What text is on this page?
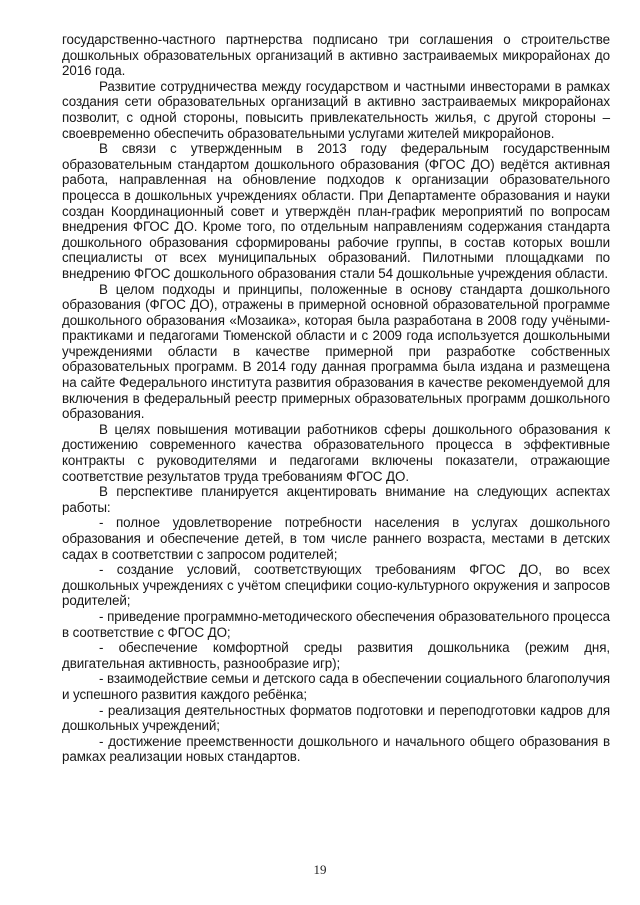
государственно-частного партнерства подписано три соглашения о строительстве дошкольных образовательных организаций в активно застраиваемых микрорайонах до 2016 года.

Развитие сотрудничества между государством и частными инвесторами в рамках создания сети образовательных организаций в активно застраиваемых микрорайонах позволит, с одной стороны, повысить привлекательность жилья, с другой стороны – своевременно обеспечить образовательными услугами жителей микрорайонов.

В связи с утвержденным в 2013 году федеральным государственным образовательным стандартом дошкольного образования (ФГОС ДО) ведётся активная работа, направленная на обновление подходов к организации образовательного процесса в дошкольных учреждениях области. При Департаменте образования и науки создан Координационный совет и утверждён план-график мероприятий по вопросам внедрения ФГОС ДО. Кроме того, по отдельным направлениям содержания стандарта дошкольного образования сформированы рабочие группы, в состав которых вошли специалисты от всех муниципальных образований. Пилотными площадками по внедрению ФГОС дошкольного образования стали 54 дошкольные учреждения области.

В целом подходы и принципы, положенные в основу стандарта дошкольного образования (ФГОС ДО), отражены в примерной основной образовательной программе дошкольного образования «Мозаика», которая была разработана в 2008 году учёными-практиками и педагогами Тюменской области и с 2009 года используется дошкольными учреждениями области в качестве примерной при разработке собственных образовательных программ. В 2014 году данная программа была издана и размещена на сайте Федерального института развития образования в качестве рекомендуемой для включения в федеральный реестр примерных образовательных программ дошкольного образования.

В целях повышения мотивации работников сферы дошкольного образования к достижению современного качества образовательного процесса в эффективные контракты с руководителями и педагогами включены показатели, отражающие соответствие результатов труда требованиям ФГОС ДО.

В перспективе планируется акцентировать внимание на следующих аспектах работы:

- полное удовлетворение потребности населения в услугах дошкольного образования и обеспечение детей, в том числе раннего возраста, местами в детских садах в соответствии с запросом родителей;

- создание условий, соответствующих требованиям ФГОС ДО, во всех дошкольных учреждениях с учётом специфики социо-культурного окружения и запросов родителей;

- приведение программно-методического обеспечения образовательного процесса в соответствие с ФГОС ДО;

- обеспечение комфортной среды развития дошкольника (режим дня, двигательная активность, разнообразие игр);

- взаимодействие семьи и детского сада в обеспечении социального благополучия и успешного развития каждого ребёнка;

- реализация деятельностных форматов подготовки и переподготовки кадров для дошкольных учреждений;

- достижение преемственности дошкольного и начального общего образования в рамках реализации новых стандартов.

19
